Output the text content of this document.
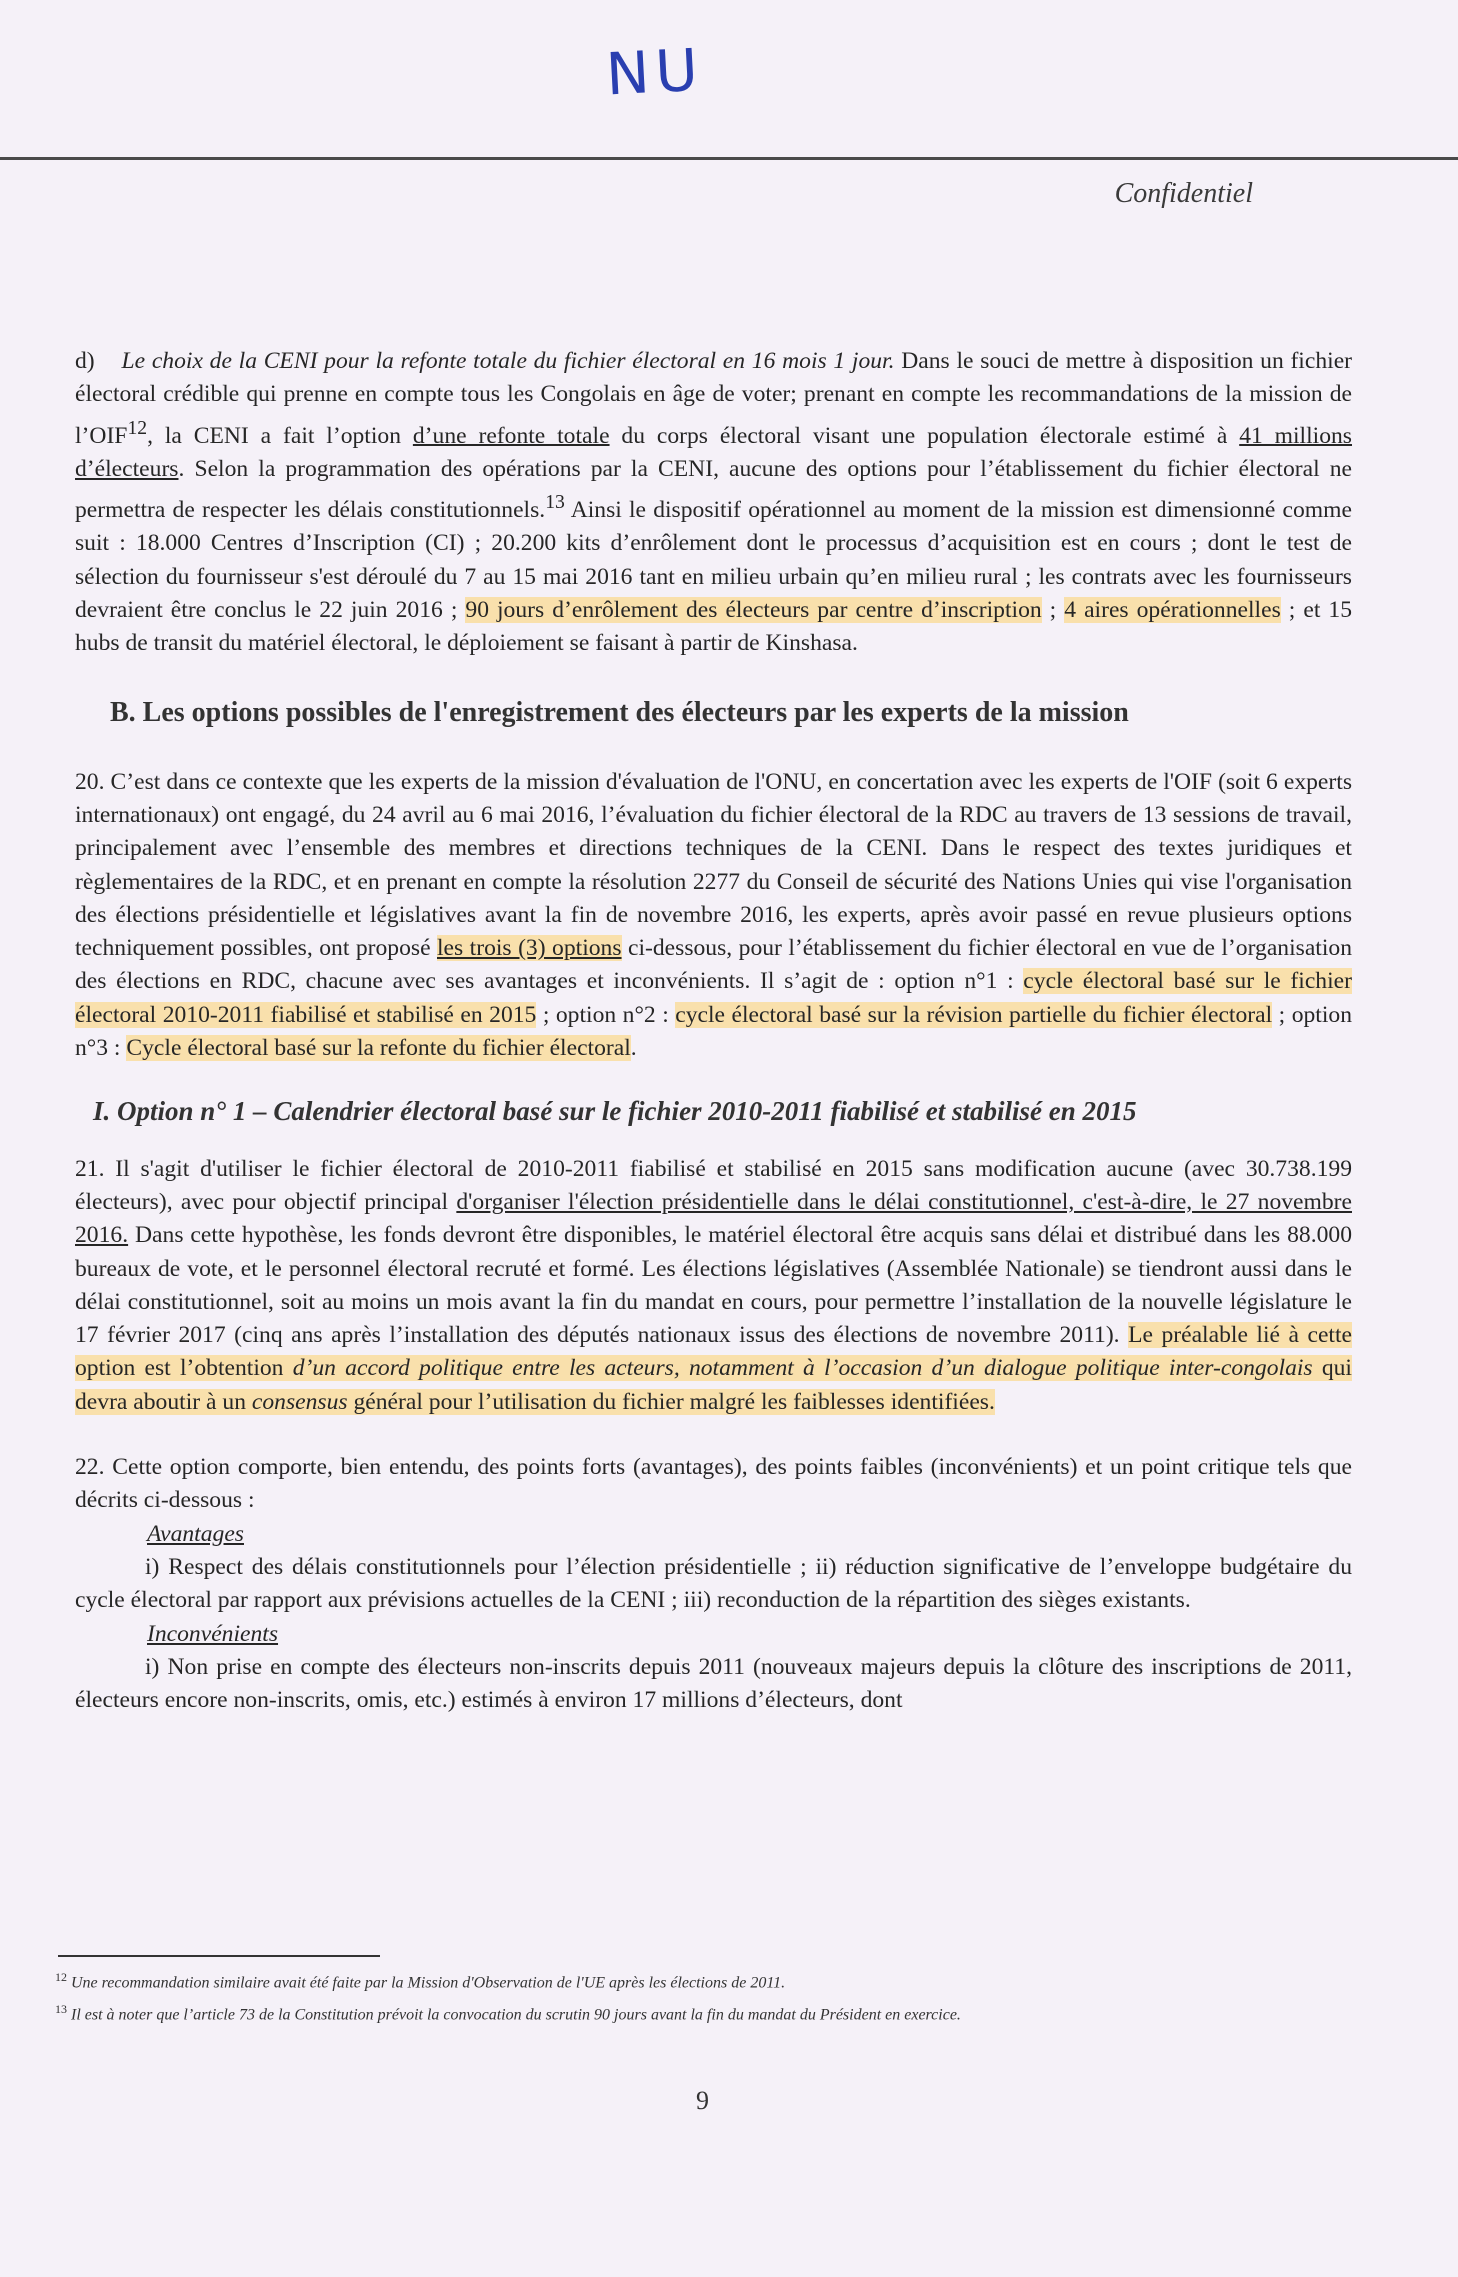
NU
Confidentiel

d) Le choix de la CENI pour la refonte totale du fichier électoral en 16 mois 1 jour. Dans le souci de mettre à disposition un fichier électoral crédible qui prenne en compte tous les Congolais en âge de voter; prenant en compte les recommandations de la mission de l’OIF$^{12}$, la CENI a fait l’option d’une refonte totale du corps électoral visant une population électorale estimé à 41 millions d’électeurs. Selon la programmation des opérations par la CENI, aucune des options pour l’établissement du fichier électoral ne permettra de respecter les délais constitutionnels.$^{13}$ Ainsi le dispositif opérationnel au moment de la mission est dimensionné comme suit : 18.000 Centres d’Inscription (CI) ; 20.200 kits d’enrôlement dont le processus d’acquisition est en cours ; dont le test de sélection du fournisseur s'est déroulé du 7 au 15 mai 2016 tant en milieu urbain qu’en milieu rural ; les contrats avec les fournisseurs devraient être conclus le 22 juin 2016 ; 90 jours d’enrôlement des électeurs par centre d’inscription ; 4 aires opérationnelles ; et 15 hubs de transit du matériel électoral, le déploiement se faisant à partir de Kinshasa.

B. Les options possibles de l'enregistrement des électeurs par les experts de la mission

20. C’est dans ce contexte que les experts de la mission d'évaluation de l'ONU, en concertation avec les experts de l'OIF (soit 6 experts internationaux) ont engagé, du 24 avril au 6 mai 2016, l’évaluation du fichier électoral de la RDC au travers de 13 sessions de travail, principalement avec l’ensemble des membres et directions techniques de la CENI. Dans le respect des textes juridiques et règlementaires de la RDC, et en prenant en compte la résolution 2277 du Conseil de sécurité des Nations Unies qui vise l'organisation des élections présidentielle et législatives avant la fin de novembre 2016, les experts, après avoir passé en revue plusieurs options techniquement possibles, ont proposé les trois (3) options ci-dessous, pour l’établissement du fichier électoral en vue de l’organisation des élections en RDC, chacune avec ses avantages et inconvénients. Il s’agit de : option n°1 : cycle électoral basé sur le fichier électoral 2010-2011 fiabilisé et stabilisé en 2015 ; option n°2 : cycle électoral basé sur la révision partielle du fichier électoral ; option n°3 : Cycle électoral basé sur la refonte du fichier électoral.

I. Option n° 1 – Calendrier électoral basé sur le fichier 2010-2011 fiabilisé et stabilisé en 2015

21. Il s'agit d'utiliser le fichier électoral de 2010-2011 fiabilisé et stabilisé en 2015 sans modification aucune (avec 30.738.199 électeurs), avec pour objectif principal d'organiser l'élection présidentielle dans le délai constitutionnel, c'est-à-dire, le 27 novembre 2016. Dans cette hypothèse, les fonds devront être disponibles, le matériel électoral être acquis sans délai et distribué dans les 88.000 bureaux de vote, et le personnel électoral recruté et formé. Les élections législatives (Assemblée Nationale) se tiendront aussi dans le délai constitutionnel, soit au moins un mois avant la fin du mandat en cours, pour permettre l’installation de la nouvelle législature le 17 février 2017 (cinq ans après l’installation des députés nationaux issus des élections de novembre 2011). Le préalable lié à cette option est l’obtention d’un accord politique entre les acteurs, notamment à l’occasion d’un dialogue politique inter-congolais qui devra aboutir à un consensus général pour l’utilisation du fichier malgré les faiblesses identifiées.

22. Cette option comporte, bien entendu, des points forts (avantages), des points faibles (inconvénients) et un point critique tels que décrits ci-dessous :

Avantages

i) Respect des délais constitutionnels pour l’élection présidentielle ; ii) réduction significative de l’enveloppe budgétaire du cycle électoral par rapport aux prévisions actuelles de la CENI ; iii) reconduction de la répartition des sièges existants.

Inconvénients

i) Non prise en compte des électeurs non-inscrits depuis 2011 (nouveaux majeurs depuis la clôture des inscriptions de 2011, électeurs encore non-inscrits, omis, etc.) estimés à environ 17 millions d’électeurs, dont

$^{12}$ Une recommandation similaire avait été faite par la Mission d'Observation de l'UE après les élections de 2011.
$^{13}$ Il est à noter que l’article 73 de la Constitution prévoit la convocation du scrutin 90 jours avant la fin du mandat du Président en exercice.
9
